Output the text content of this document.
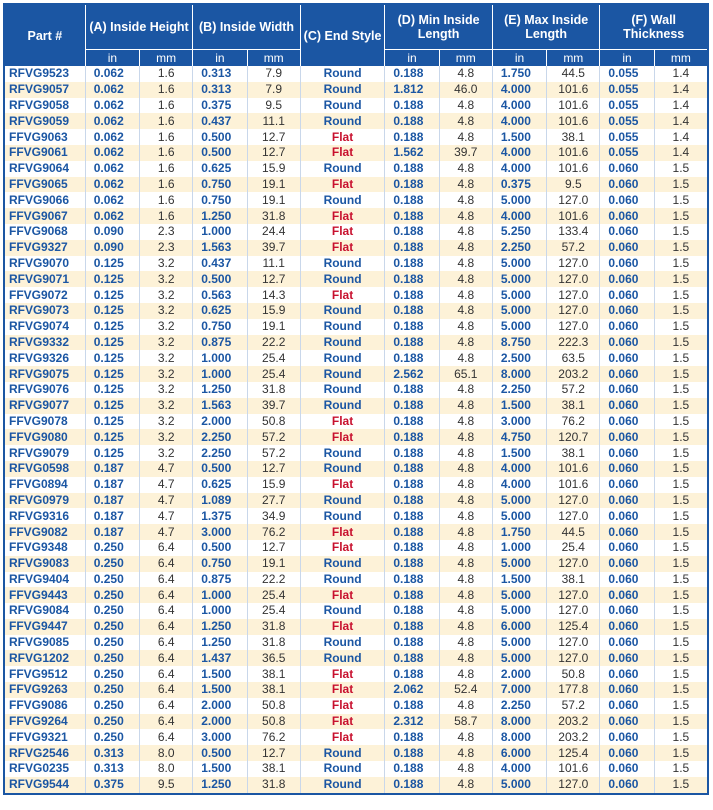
Part #	(A) Inside Height		(B) Inside Width		(C) End Style	(D) Min Inside Length		(E) Max Inside Length		(F) Wall Thickness	
	in	mm	in	mm		in	mm	in	mm	in	mm
RFVG9523	0.062	1.6	0.313	7.9	Round	0.188	4.8	1.750	44.5	0.055	1.4
RFVG9057	0.062	1.6	0.313	7.9	Round	1.812	46.0	4.000	101.6	0.055	1.4
RFVG9058	0.062	1.6	0.375	9.5	Round	0.188	4.8	4.000	101.6	0.055	1.4
RFVG9059	0.062	1.6	0.437	11.1	Round	0.188	4.8	4.000	101.6	0.055	1.4
FFVG9063	0.062	1.6	0.500	12.7	Flat	0.188	4.8	1.500	38.1	0.055	1.4
FFVG9061	0.062	1.6	0.500	12.7	Flat	1.562	39.7	4.000	101.6	0.055	1.4
RFVG9064	0.062	1.6	0.625	15.9	Round	0.188	4.8	4.000	101.6	0.060	1.5
FFVG9065	0.062	1.6	0.750	19.1	Flat	0.188	4.8	0.375	9.5	0.060	1.5
RFVG9066	0.062	1.6	0.750	19.1	Round	0.188	4.8	5.000	127.0	0.060	1.5
FFVG9067	0.062	1.6	1.250	31.8	Flat	0.188	4.8	4.000	101.6	0.060	1.5
FFVG9068	0.090	2.3	1.000	24.4	Flat	0.188	4.8	5.250	133.4	0.060	1.5
FFVG9327	0.090	2.3	1.563	39.7	Flat	0.188	4.8	2.250	57.2	0.060	1.5
RFVG9070	0.125	3.2	0.437	11.1	Round	0.188	4.8	5.000	127.0	0.060	1.5
RFVG9071	0.125	3.2	0.500	12.7	Round	0.188	4.8	5.000	127.0	0.060	1.5
FFVG9072	0.125	3.2	0.563	14.3	Flat	0.188	4.8	5.000	127.0	0.060	1.5
RFVG9073	0.125	3.2	0.625	15.9	Round	0.188	4.8	5.000	127.0	0.060	1.5
RFVG9074	0.125	3.2	0.750	19.1	Round	0.188	4.8	5.000	127.0	0.060	1.5
RFVG9332	0.125	3.2	0.875	22.2	Round	0.188	4.8	8.750	222.3	0.060	1.5
RFVG9326	0.125	3.2	1.000	25.4	Round	0.188	4.8	2.500	63.5	0.060	1.5
RFVG9075	0.125	3.2	1.000	25.4	Round	2.562	65.1	8.000	203.2	0.060	1.5
RFVG9076	0.125	3.2	1.250	31.8	Round	0.188	4.8	2.250	57.2	0.060	1.5
RFVG9077	0.125	3.2	1.563	39.7	Round	0.188	4.8	1.500	38.1	0.060	1.5
FFVG9078	0.125	3.2	2.000	50.8	Flat	0.188	4.8	3.000	76.2	0.060	1.5
FFVG9080	0.125	3.2	2.250	57.2	Flat	0.188	4.8	4.750	120.7	0.060	1.5
RFVG9079	0.125	3.2	2.250	57.2	Round	0.188	4.8	1.500	38.1	0.060	1.5
RFVG0598	0.187	4.7	0.500	12.7	Round	0.188	4.8	4.000	101.6	0.060	1.5
FFVG0894	0.187	4.7	0.625	15.9	Flat	0.188	4.8	4.000	101.6	0.060	1.5
RFVG0979	0.187	4.7	1.089	27.7	Round	0.188	4.8	5.000	127.0	0.060	1.5
RFVG9316	0.187	4.7	1.375	34.9	Round	0.188	4.8	5.000	127.0	0.060	1.5
FFVG9082	0.187	4.7	3.000	76.2	Flat	0.188	4.8	1.750	44.5	0.060	1.5
FFVG9348	0.250	6.4	0.500	12.7	Flat	0.188	4.8	1.000	25.4	0.060	1.5
RFVG9083	0.250	6.4	0.750	19.1	Round	0.188	4.8	5.000	127.0	0.060	1.5
RFVG9404	0.250	6.4	0.875	22.2	Round	0.188	4.8	1.500	38.1	0.060	1.5
FFVG9443	0.250	6.4	1.000	25.4	Flat	0.188	4.8	5.000	127.0	0.060	1.5
RFVG9084	0.250	6.4	1.000	25.4	Round	0.188	4.8	5.000	127.0	0.060	1.5
FFVG9447	0.250	6.4	1.250	31.8	Flat	0.188	4.8	6.000	125.4	0.060	1.5
RFVG9085	0.250	6.4	1.250	31.8	Round	0.188	4.8	5.000	127.0	0.060	1.5
RFVG1202	0.250	6.4	1.437	36.5	Round	0.188	4.8	5.000	127.0	0.060	1.5
FFVG9512	0.250	6.4	1.500	38.1	Flat	0.188	4.8	2.000	50.8	0.060	1.5
FFVG9263	0.250	6.4	1.500	38.1	Flat	2.062	52.4	7.000	177.8	0.060	1.5
FFVG9086	0.250	6.4	2.000	50.8	Flat	0.188	4.8	2.250	57.2	0.060	1.5
FFVG9264	0.250	6.4	2.000	50.8	Flat	2.312	58.7	8.000	203.2	0.060	1.5
FFVG9321	0.250	6.4	3.000	76.2	Flat	0.188	4.8	8.000	203.2	0.060	1.5
RFVG2546	0.313	8.0	0.500	12.7	Round	0.188	4.8	6.000	125.4	0.060	1.5
RFVG0235	0.313	8.0	1.500	38.1	Round	0.188	4.8	4.000	101.6	0.060	1.5
RFVG9544	0.375	9.5	1.250	31.8	Round	0.188	4.8	5.000	127.0	0.060	1.5
